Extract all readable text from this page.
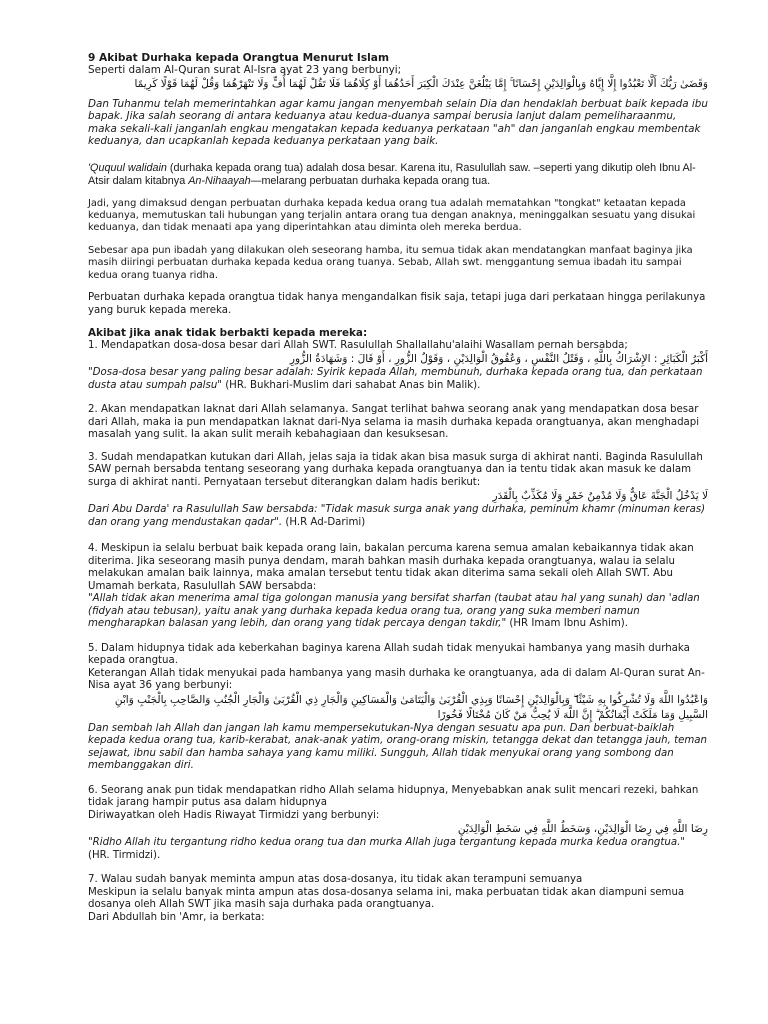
9 Akibat Durhaka kepada Orangtua Menurut Islam
Seperti dalam Al-Quran surat Al-Isra ayat 23 yang berbunyi;
وَقَضَىٰ رَبُّكَ أَلَّا تَعْبُدُوا إِلَّا إِيَّاهُ وَبِالْوَالِدَيْنِ إِحْسَانًا ۚ إِمَّا يَبْلُغَنَّ عِنْدَكَ الْكِبَرَ أَحَدُهُمَا أَوْ كِلَاهُمَا فَلَا تَقُلْ لَهُمَا أُفٍّ وَلَا تَنْهَرْهُمَا وَقُلْ لَهُمَا قَوْلًا كَرِيمًا

Dan Tuhanmu telah memerintahkan agar kamu jangan menyembah selain Dia dan hendaklah berbuat baik kepada ibu bapak. Jika salah seorang di antara keduanya atau kedua-duanya sampai berusia lanjut dalam pemeliharaanmu, maka sekali-kali janganlah engkau mengatakan kepada keduanya perkataan "ah" dan janganlah engkau membentak keduanya, dan ucapkanlah kepada keduanya perkataan yang baik.

'Ququul walidain (durhaka kepada orang tua) adalah dosa besar. Karena itu, Rasulullah saw. –seperti yang dikutip oleh Ibnu Al-Atsir dalam kitabnya An-Nihaayah—melarang perbuatan durhaka kepada orang tua.

Jadi, yang dimaksud dengan perbuatan durhaka kepada kedua orang tua adalah mematahkan "tongkat" ketaatan kepada keduanya, memutuskan tali hubungan yang terjalin antara orang tua dengan anaknya, meninggalkan sesuatu yang disukai keduanya, dan tidak menaati apa yang diperintahkan atau diminta oleh mereka berdua.

Sebesar apa pun ibadah yang dilakukan oleh seseorang hamba, itu semua tidak akan mendatangkan manfaat baginya jika masih diiringi perbuatan durhaka kepada kedua orang tuanya. Sebab, Allah swt. menggantung semua ibadah itu sampai kedua orang tuanya ridha.

Perbuatan durhaka kepada orangtua tidak hanya mengandalkan fisik saja, tetapi juga dari perkataan hingga perilakunya yang buruk kepada mereka.

Akibat jika anak tidak berbakti kepada mereka:
1. Mendapatkan dosa-dosa besar dari Allah SWT. Rasulullah Shallallahu'alaihi Wasallam pernah bersabda;
أَكْبَرُ الْكَبَائِرِ : الإِشْرَاكُ بِاللَّهِ ، وَقَتْلُ النَّفْسِ ، وَعُقُوقُ الْوَالِدَيْنِ ، وَقَوْلُ الزُّورِ ، أَوْ قَالَ : وَشَهَادَةُ الزُّورِ
"Dosa-dosa besar yang paling besar adalah: Syirik kepada Allah, membunuh, durhaka kepada orang tua, dan perkataan dusta atau sumpah palsu" (HR. Bukhari-Muslim dari sahabat Anas bin Malik).

2. Akan mendapatkan laknat dari Allah selamanya. Sangat terlihat bahwa seorang anak yang mendapatkan dosa besar dari Allah, maka ia pun mendapatkan laknat dari-Nya selama ia masih durhaka kepada orangtuanya, akan menghadapi masalah yang sulit. Ia akan sulit meraih kebahagiaan dan kesuksesan.

3. Sudah mendapatkan kutukan dari Allah, jelas saja ia tidak akan bisa masuk surga di akhirat nanti. Baginda Rasulullah SAW pernah bersabda tentang seseorang yang durhaka kepada orangtuanya dan ia tentu tidak akan masuk ke dalam surga di akhirat nanti. Pernyataan tersebut diterangkan dalam hadis berikut:
لَا يَدْخُلُ الْجَنَّةَ عَاقٌّ وَلَا مُدْمِنُ خَمْرٍ وَلَا مُكَذِّبٌ بِالْقَدَرِ
Dari Abu Darda' ra Rasulullah Saw bersabda: "Tidak masuk surga anak yang durhaka, peminum khamr (minuman keras) dan orang yang mendustakan qadar". (H.R Ad-Darimi)
4. Meskipun ia selalu berbuat baik kepada orang lain, bakalan percuma karena semua amalan kebaikannya tidak akan diterima. Jika seseorang masih punya dendam, marah bahkan masih durhaka kepada orangtuanya, walau ia selalu melakukan amalan baik lainnya, maka amalan tersebut tentu tidak akan diterima sama sekali oleh Allah SWT. Abu Umamah berkata, Rasulullah SAW bersabda:
"Allah tidak akan menerima amal tiga golongan manusia yang bersifat sharfan (taubat atau hal yang sunah) dan 'adlan (fidyah atau tebusan), yaitu anak yang durhaka kepada kedua orang tua, orang yang suka memberi namun mengharapkan balasan yang lebih, dan orang yang tidak percaya dengan takdir," (HR Imam Ibnu Ashim).
5. Dalam hidupnya tidak ada keberkahan baginya karena Allah sudah tidak menyukai hambanya yang masih durhaka kepada orangtua.
Keterangan Allah tidak menyukai pada hambanya yang masih durhaka ke orangtuanya, ada di dalam Al-Quran surat An-Nisa ayat 36 yang berbunyi:
وَاعْبُدُوا اللَّهَ وَلَا تُشْرِكُوا بِهِ شَيْئًا ۖ وَبِالْوَالِدَيْنِ إِحْسَانًا وَبِذِي الْقُرْبَىٰ وَالْيَتَامَىٰ وَالْمَسَاكِينِ وَالْجَارِ ذِي الْقُرْبَىٰ وَالْجَارِ الْجُنُبِ وَالصَّاحِبِ بِالْجَنْبِ وَابْنِ السَّبِيلِ وَمَا مَلَكَتْ أَيْمَانُكُمْ ۗ إِنَّ اللَّهَ لَا يُحِبُّ مَنْ كَانَ مُخْتَالًا فَخُورًا
Dan sembah lah Allah dan jangan lah kamu mempersekutukan-Nya dengan sesuatu apa pun. Dan berbuat-baiklah kepada kedua orang tua, karib-kerabat, anak-anak yatim, orang-orang miskin, tetangga dekat dan tetangga jauh, teman sejawat, ibnu sabil dan hamba sahaya yang kamu miliki. Sungguh, Allah tidak menyukai orang yang sombong dan membanggakan diri.
6. Seorang anak pun tidak mendapatkan ridho Allah selama hidupnya, Menyebabkan anak sulit mencari rezeki, bahkan tidak jarang hampir putus asa dalam hidupnya
Diriwayatkan oleh Hadis Riwayat Tirmidzi yang berbunyi:
رِضَا اللَّهِ فِي رِضَا الْوَالِدَيْنِ، وَسَخَطُ اللَّهِ فِي سَخَطِ الْوَالِدَيْنِ
"Ridho Allah itu tergantung ridho kedua orang tua dan murka Allah juga tergantung kepada murka kedua orangtua." (HR. Tirmidzi).
7. Walau sudah banyak meminta ampun atas dosa-dosanya, itu tidak akan terampuni semuanya
Meskipun ia selalu banyak minta ampun atas dosa-dosanya selama ini, maka perbuatan tidak akan diampuni semua dosanya oleh Allah SWT jika masih saja durhaka pada orangtuanya.
Dari Abdullah bin 'Amr, ia berkata:
